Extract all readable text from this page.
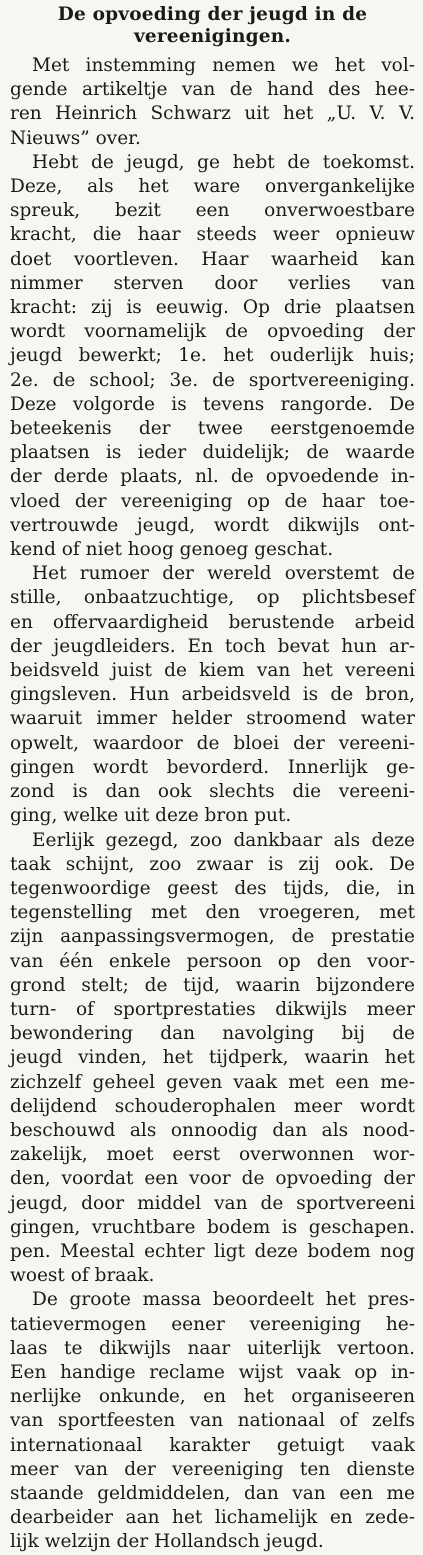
De opvoeding der jeugd in de
vereenigingen.
Met instemming nemen we het vol-
gende artikeltje van de hand des hee-
ren Heinrich Schwarz uit het „U. V. V.
Nieuws” over.
Hebt de jeugd, ge hebt de toekomst.
Deze, als het ware onvergankelijke
spreuk, bezit een onverwoestbare
kracht, die haar steeds weer opnieuw
doet voortleven. Haar waarheid kan
nimmer sterven door verlies van
kracht: zij is eeuwig. Op drie plaatsen
wordt voornamelijk de opvoeding der
jeugd bewerkt; 1e. het ouderlijk huis;
2e. de school; 3e. de sportvereeniging.
Deze volgorde is tevens rangorde. De
beteekenis der twee eerstgenoemde
plaatsen is ieder duidelijk; de waarde
der derde plaats, nl. de opvoedende in-
vloed der vereeniging op de haar toe-
vertrouwde jeugd, wordt dikwijls ont-
kend of niet hoog genoeg geschat.
Het rumoer der wereld overstemt de
stille, onbaatzuchtige, op plichtsbesef
en offervaardigheid berustende arbeid
der jeugdleiders. En toch bevat hun ar-
beidsveld juist de kiem van het vereeni
gingsleven. Hun arbeidsveld is de bron,
waaruit immer helder stroomend water
opwelt, waardoor de bloei der vereeni-
gingen wordt bevorderd. Innerlijk ge-
zond is dan ook slechts die vereeni-
ging, welke uit deze bron put.
Eerlijk gezegd, zoo dankbaar als deze
taak schijnt, zoo zwaar is zij ook. De
tegenwoordige geest des tijds, die, in
tegenstelling met den vroegeren, met
zijn aanpassingsvermogen, de prestatie
van één enkele persoon op den voor-
grond stelt; de tijd, waarin bijzondere
turn- of sportprestaties dikwijls meer
bewondering dan navolging bij de
jeugd vinden, het tijdperk, waarin het
zichzelf geheel geven vaak met een me-
delijdend schouderophalen meer wordt
beschouwd als onnoodig dan als nood-
zakelijk, moet eerst overwonnen wor-
den, voordat een voor de opvoeding der
jeugd, door middel van de sportvereeni
gingen, vruchtbare bodem is geschapen.
pen. Meestal echter ligt deze bodem nog
woest of braak.
De groote massa beoordeelt het pres-
tatievermogen eener vereeniging he-
laas te dikwijls naar uiterlijk vertoon.
Een handige reclame wijst vaak op in-
nerlijke onkunde, en het organiseeren
van sportfeesten van nationaal of zelfs
internationaal karakter getuigt vaak
meer van der vereeniging ten dienste
staande geldmiddelen, dan van een me
dearbeider aan het lichamelijk en zede-
lijk welzijn der Hollandsch jeugd.
